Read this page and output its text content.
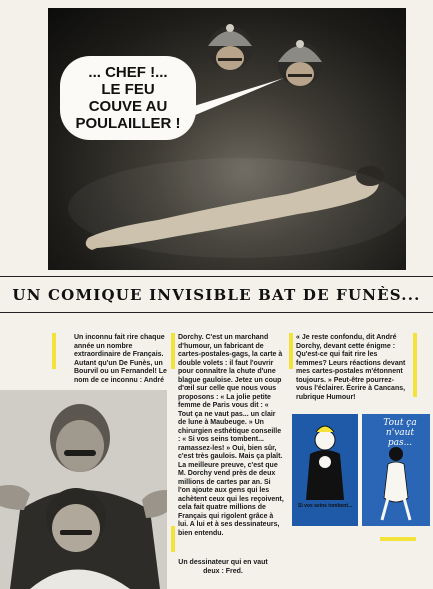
... CHEF !...
LE FEU
COUVE AU
POULAILLER !
UN COMIQUE INVISIBLE BAT DE FUNÈS...

Un inconnu fait rire chaque année un nombre extraordinaire de Français. Autant qu'un De Funès, un Bourvil ou un Fernandel! Le nom de ce inconnu : André

Dorchy. C'est un marchand d'humour, un fabricant de cartes-postales-gags, la carte à double volets : il faut l'ouvrir pour connaître la chute d'une blague gauloise. Jetez un coup d'œil sur celle que nous vous proposons : « La jolie petite femme de Paris vous dit : « Tout ça ne vaut pas... un clair de lune à Maubeuge. » Un chirurgien esthétique conseille : « Si vos seins tombent... ramassez-les! » Oui, bien sûr, c'est très gaulois. Mais ça plaît. La meilleure preuve, c'est que M. Dorchy vend près de deux millions de cartes par an. Si l'on ajoute aux gens qui les achètent ceux qui les reçoivent, cela fait quatre millions de Français qui rigolent grâce à lui. A lui et à ses dessinateurs, bien entendu.

« Je reste confondu, dit André Dorchy, devant cette énigme : Qu'est-ce qui fait rire les femmes? Leurs réactions devant mes cartes-postales m'étonnent toujours. » Peut-être pourrez-vous l'éclairer. Écrire à Cancans, rubrique Humour!

Un dessinateur qui en vaut deux : Fred.
Si vos seins tombent...
Tout ça n'vaut pas...
